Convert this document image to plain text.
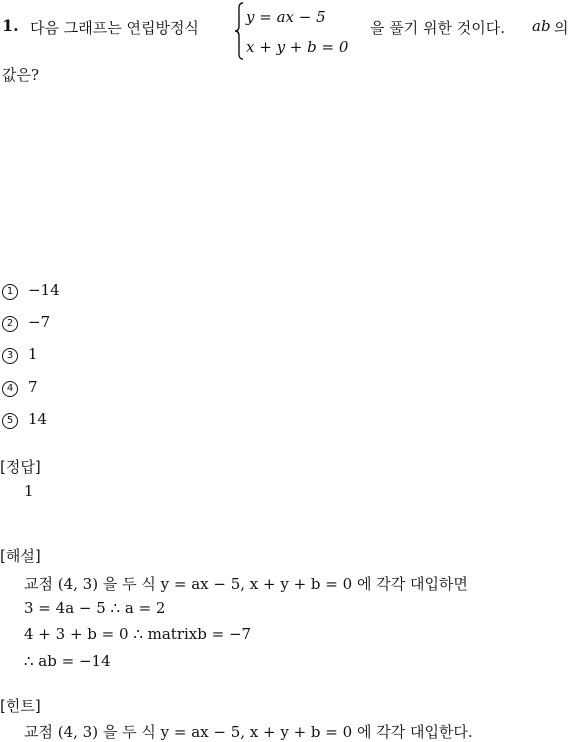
1. 다음 그래프는 연립방정식
y = ax − 5
x + y + b = 0
을 풀기 위한 것이다. ab 의
값은?
1 −14
2 −7
3 1
4 7
5 14
[정답]
1
[해설]
교점 (4, 3) 을 두 식 y = ax − 5, x + y + b = 0 에 각각 대입하면
3 = 4a − 5 ∴ a = 2
4 + 3 + b = 0 ∴ matrixb = −7
∴ ab = −14
[힌트]
교점 (4, 3) 을 두 식 y = ax − 5, x + y + b = 0 에 각각 대입한다.
